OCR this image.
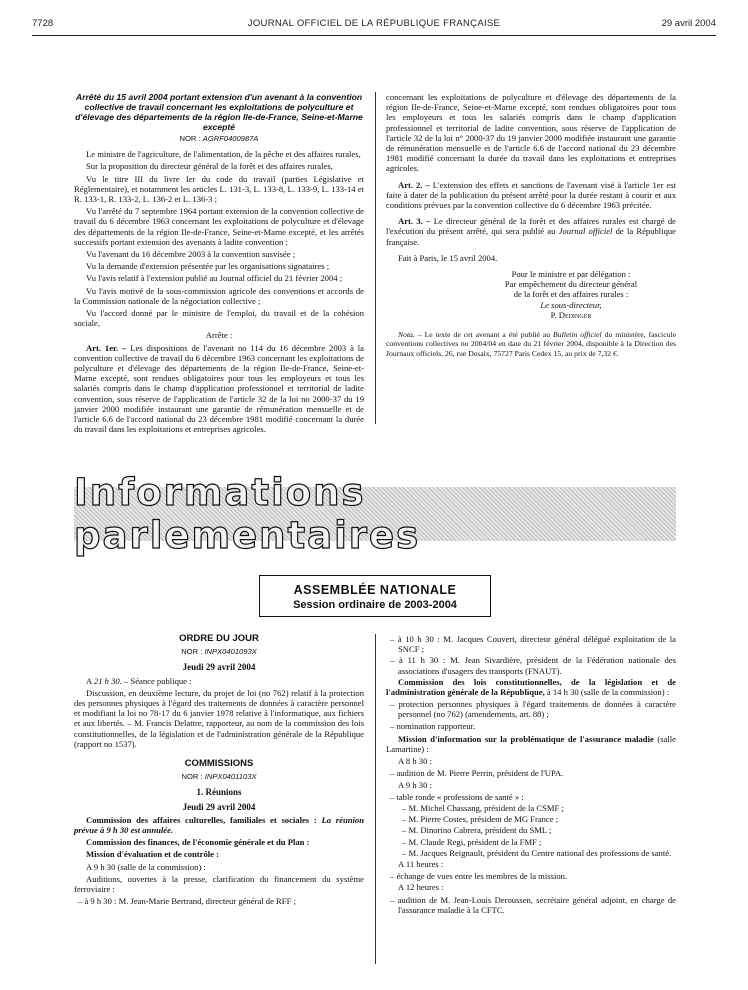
7728	JOURNAL OFFICIEL DE LA RÉPUBLIQUE FRANÇAISE	29 avril 2004
Arrêté du 15 avril 2004 portant extension d'un avenant à la convention collective de travail concernant les exploitations de polyculture et d'élevage des départements de la région Ile-de-France, Seine-et-Marne excepté
NOR : AGRF0400987A

Le ministre de l'agriculture, de l'alimentation, de la pêche et des affaires rurales,

Sur la proposition du directeur général de la forêt et des affaires rurales,

Vu le titre III du livre Ier du code du travail (parties Législative et Réglementaire), et notamment les articles L. 131-3, L. 133-8, L. 133-9, L. 133-14 et R. 133-1, R. 133-2, L. 136-2 et L. 136-3 ;

Vu l'arrêté du 7 septembre 1964 portant extension de la convention collective de travail du 6 décembre 1963 concernant les exploitations de polyculture et d'élevage des départements de la région Ile-de-France, Seine-et-Marne excepté, et les arrêtés successifs portant extension des avenants à ladite convention ;

Vu l'avenant du 16 décembre 2003 à la convention susvisée ;

Vu la demande d'extension présentée par les organisations signataires ;

Vu l'avis relatif à l'extension publié au Journal officiel du 21 février 2004 ;

Vu l'avis motivé de la sous-commission agricole des conventions et accords de la Commission nationale de la négociation collective ;

Vu l'accord donné par le ministre de l'emploi, du travail et de la cohésion sociale,

Arrête :

Art. 1er. – Les dispositions de l'avenant no 114 du 16 décembre 2003 à la convention collective de travail du 6 décembre 1963 concernant les exploitations de polyculture et d'élevage des départements de la région Ile-de-France, Seine-et-Marne excepté, sont rendues obligatoires pour tous les employeurs et tous les salariés compris dans le champ d'application professionnel et territorial de ladite convention, sous réserve de l'application de l'article 32 de la loi no 2000-37 du 19 janvier 2000 modifiée instaurant une garantie de rémunération mensuelle et de l'article 6.6 de l'accord national du 23 décembre 1981 modifié concernant la durée du travail dans les exploitations et entreprises agricoles.

concernant les exploitations de polyculture et d'élevage des départements de la région Ile-de-France, Seine-et-Marne excepté, sont rendues obligatoires pour tous les employeurs et tous les salariés compris dans le champ d'application professionnel et territorial de ladite convention, sous réserve de l'application de l'article 32 de la loi n° 2000-37 du 19 janvier 2000 modifiée instaurant une garantie de rémunération mensuelle et de l'article 6.6 de l'accord national du 23 décembre 1981 modifié concernant la durée du travail dans les exploitations et entreprises agricoles.

Art. 2. – L'extension des effets et sanctions de l'avenant visé à l'article 1er est faite à dater de la publication du présent arrêté pour la durée restant à courir et aux conditions prévues par la convention collective du 6 décembre 1963 précitée.

Art. 3. – Le directeur général de la forêt et des affaires rurales est chargé de l'exécution du présent arrêté, qui sera publié au Journal officiel de la République française.

Fait à Paris, le 15 avril 2004.

Pour le ministre et par délégation :
Par empêchement du directeur général
de la forêt et des affaires rurales :
Le sous-directeur,
P. Dedinger

Nota. – Le texte de cet avenant a été publié au Bulletin officiel du ministère, fascicule conventions collectives no 2004/04 en date du 21 février 2004, disponible à la Direction des Journaux officiels, 26, rue Desaix, 75727 Paris Cedex 15, au prix de 7,32 €.

Informations parlementaires
ASSEMBLÉE NATIONALE
Session ordinaire de 2003-2004
ORDRE DU JOUR
NOR : INPX0401093X
Jeudi 29 avril 2004

A 21 h 30. – Séance publique :

Discussion, en deuxième lecture, du projet de loi (no 762) relatif à la protection des personnes physiques à l'égard des traitements de données à caractère personnel et modifiant la loi no 78-17 du 6 janvier 1978 relative à l'informatique, aux fichiers et aux libertés. – M. Francis Delattre, rapporteur, au nom de la commission des lois constitutionnelles, de la législation et de l'administration générale de la République (rapport no 1537).

COMMISSIONS
NOR : INPX0401103X
1. Réunions
Jeudi 29 avril 2004

Commission des affaires culturelles, familiales et sociales : La réunion prévue à 9 h 30 est annulée.

Commission des finances, de l'économie générale et du Plan :

Mission d'évaluation et de contrôle :

A 9 h 30 (salle de la commission) :

Auditions, ouvertes à la presse, clarification du financement du système ferroviaire :

– à 9 h 30 : M. Jean-Marie Bertrand, directeur général de RFF ;

– à 10 h 30 : M. Jacques Couvert, directeur général délégué exploitation de la SNCF ;

– à 11 h 30 : M. Jean Sivardière, président de la Fédération nationale des associations d'usagers des transports (FNAUT).

Commission des lois constitutionnelles, de la législation et de l'administration générale de la République, à 14 h 30 (salle de la commission) :

– protection personnes physiques à l'égard traitements de données à caractère personnel (no 762) (amendements, art. 88) ;

– nomination rapporteur.

Mission d'information sur la problématique de l'assurance maladie (salle Lamartine) :

A 8 h 30 :

– audition de M. Pierre Perrin, président de l'UPA.

A 9 h 30 :

– table ronde « professions de santé » :

– M. Michel Chassang, président de la CSMF ;

– M. Pierre Costes, président de MG France ;

– M. Dinorino Cabrera, président du SML ;

– M. Claude Regi, président de la FMF ;

– M. Jacques Reignault, président du Centre national des professions de santé.

A 11 heures :

– échange de vues entre les membres de la mission.

A 12 heures :

– audition de M. Jean-Louis Deroussen, secrétaire général adjoint, en charge de l'assurance maladie à la CFTC.
